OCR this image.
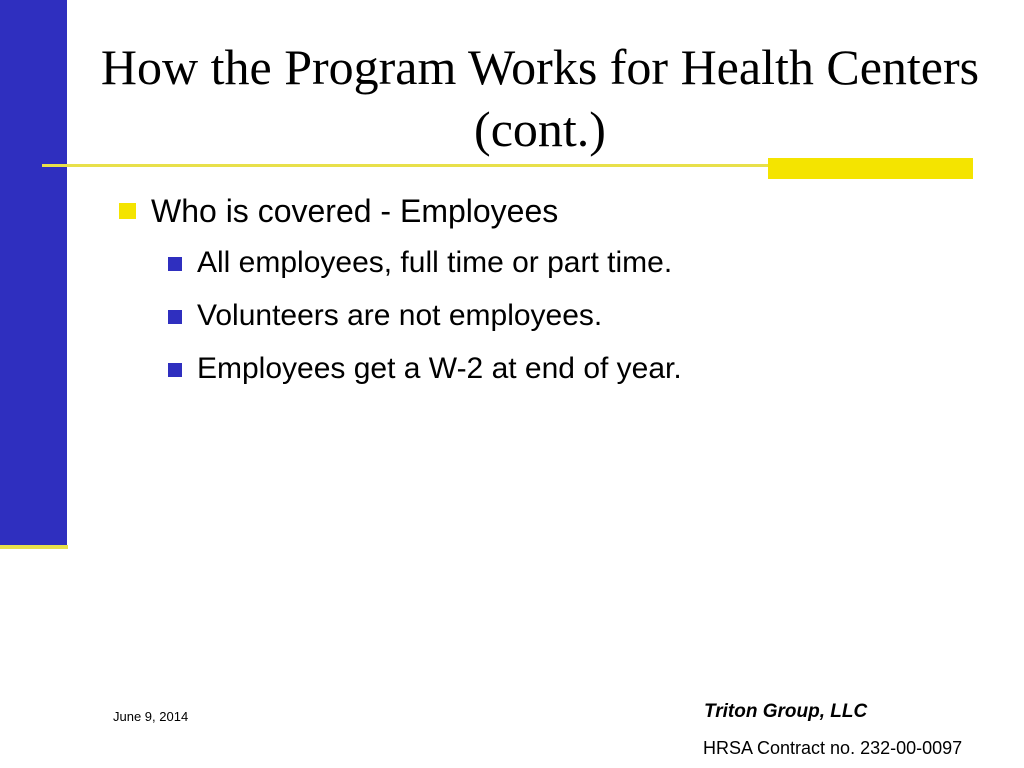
How the Program Works for Health Centers (cont.)
Who is covered - Employees
All employees, full time or part time.
Volunteers are not employees.
Employees get a W-2 at end of year.
June 9, 2014	Triton Group, LLC
HRSA Contract no. 232-00-0097
